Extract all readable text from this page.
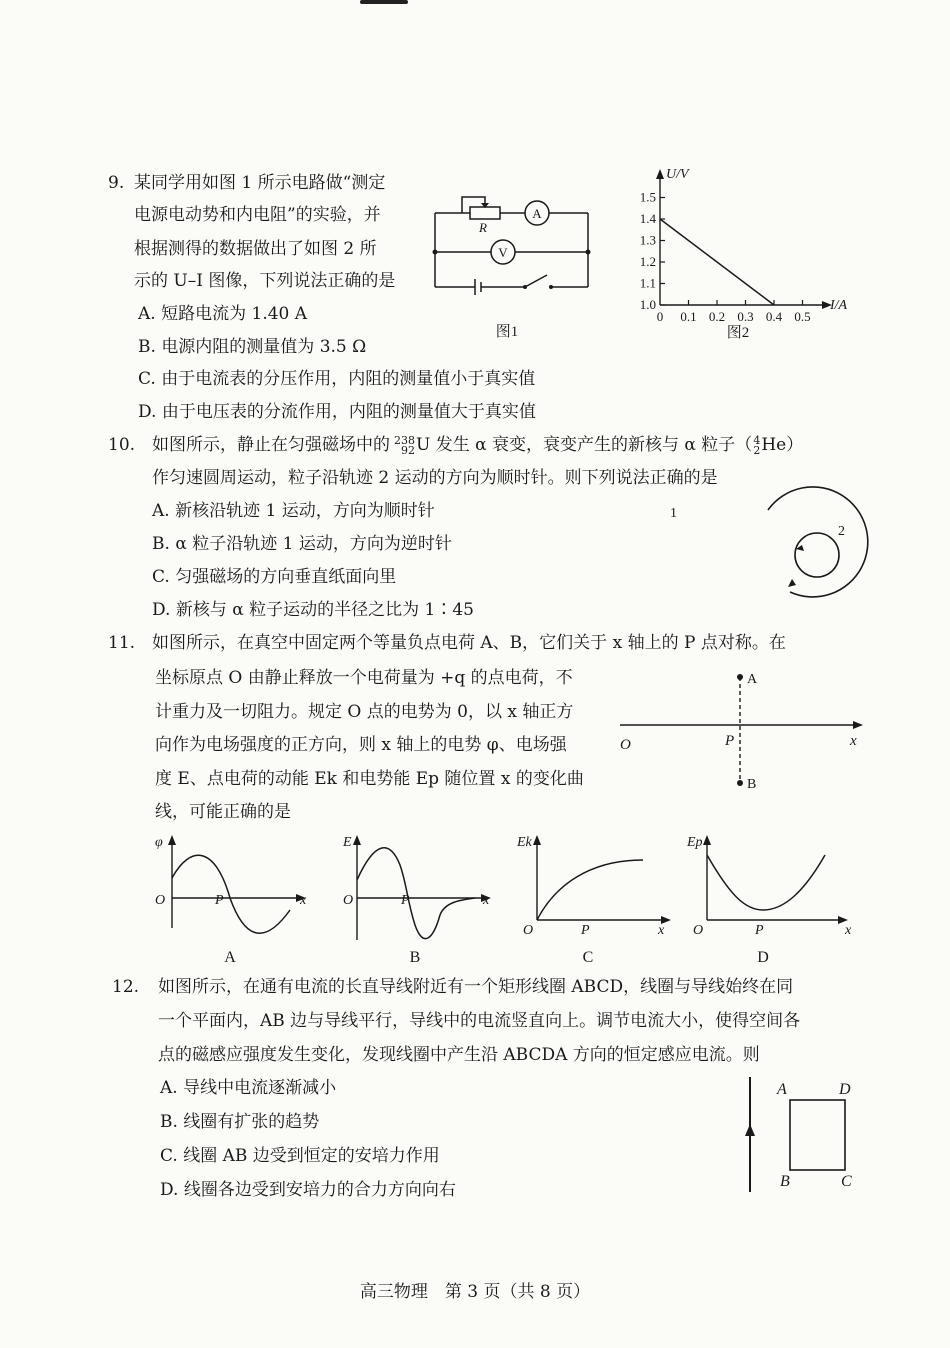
9. 某同学用如图 1 所示电路做“测定
电源电动势和内电阻”的实验，并
根据测得的数据做出了如图 2 所
示的 U–I 图像，下列说法正确的是
A. 短路电流为 1.40 A
B. 电源内阻的测量值为 3.5 Ω
C. 由于电流表的分压作用，内阻的测量值小于真实值
D. 由于电压表的分流作用，内阻的测量值大于真实值
A
V
R
图1
1.5
1.4
1.3
1.2
1.1
1.0
0 0.1 0.2 0.3 0.4 0.5
U/V
I/A
图2
10. 如图所示，静止在匀强磁场中的 238
92U 发生 α 衰变，衰变产生的新核与 α 粒子（4
2He）
作匀速圆周运动，粒子沿轨迹 2 运动的方向为顺时针。则下列说法正确的是
A. 新核沿轨迹 1 运动，方向为顺时针
B. α 粒子沿轨迹 1 运动，方向为逆时针
C. 匀强磁场的方向垂直纸面向里
D. 新核与 α 粒子运动的半径之比为 1∶45
1
2
11. 如图所示，在真空中固定两个等量负点电荷 A、B，它们关于 x 轴上的 P 点对称。在
坐标原点 O 由静止释放一个电荷量为 +q 的点电荷，不
计重力及一切阻力。规定 O 点的电势为 0，以 x 轴正方
向作为电场强度的正方向，则 x 轴上的电势 φ、电场强
度 E、点电荷的动能 Ek 和电势能 Ep 随位置 x 的变化曲
线，可能正确的是
A
B
O	P	x
φ
O	P	x
A
E
O	P	x
B
Ek
O	P	x
C
Ep
O	P	x
D
12. 如图所示，在通有电流的长直导线附近有一个矩形线圈 ABCD，线圈与导线始终在同
一个平面内，AB 边与导线平行，导线中的电流竖直向上。调节电流大小，使得空间各
点的磁感应强度发生变化，发现线圈中产生沿 ABCDA 方向的恒定感应电流。则
A. 导线中电流逐渐减小
B. 线圈有扩张的趋势
C. 线圈 AB 边受到恒定的安培力作用
D. 线圈各边受到安培力的合力方向向右
A	D
B	C
高三物理　第 3 页（共 8 页）
